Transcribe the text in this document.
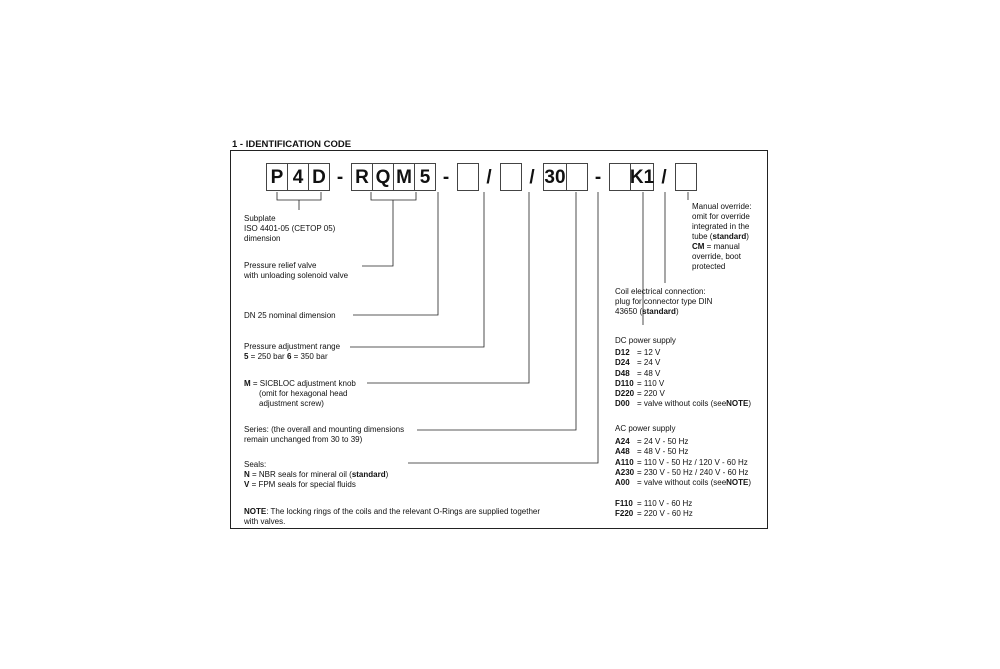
1 - IDENTIFICATION CODE
P 4 D - R Q M 5 -	/	/ 30	-	K1 /
Subplate
ISO 4401-05 (CETOP 05)
dimension
Pressure relief valve
with unloading solenoid valve
DN 25 nominal dimension
Pressure adjustment range
5 = 250 bar 6 = 350 bar
M = SICBLOC adjustment knob
(omit for hexagonal head
adjustment screw)
Series: (the overall and mounting dimensions
remain unchanged from 30 to 39)
Seals:
N = NBR seals for mineral oil (standard)
V = FPM seals for special fluids
NOTE: The locking rings of the coils and the relevant O-Rings are supplied together
with valves.
Manual override:
omit for override
integrated in the
tube (standard)
CM = manual
override, boot
protected
Coil electrical connection:
plug for connector type DIN
43650 (standard)
DC power supply
D12 = 12 V
D24 = 24 V
D48 = 48 V
D110 = 110 V
D220 = 220 V
D00 = valve without coils (see NOTE )
AC power supply
A24 = 24 V - 50 Hz
A48 = 48 V - 50 Hz
A110 = 110 V - 50 Hz / 120 V - 60 Hz
A230 = 230 V - 50 Hz / 240 V - 60 Hz
A00 = valve without coils (see NOTE )
F110 = 110 V - 60 Hz
F220 = 220 V - 60 Hz
